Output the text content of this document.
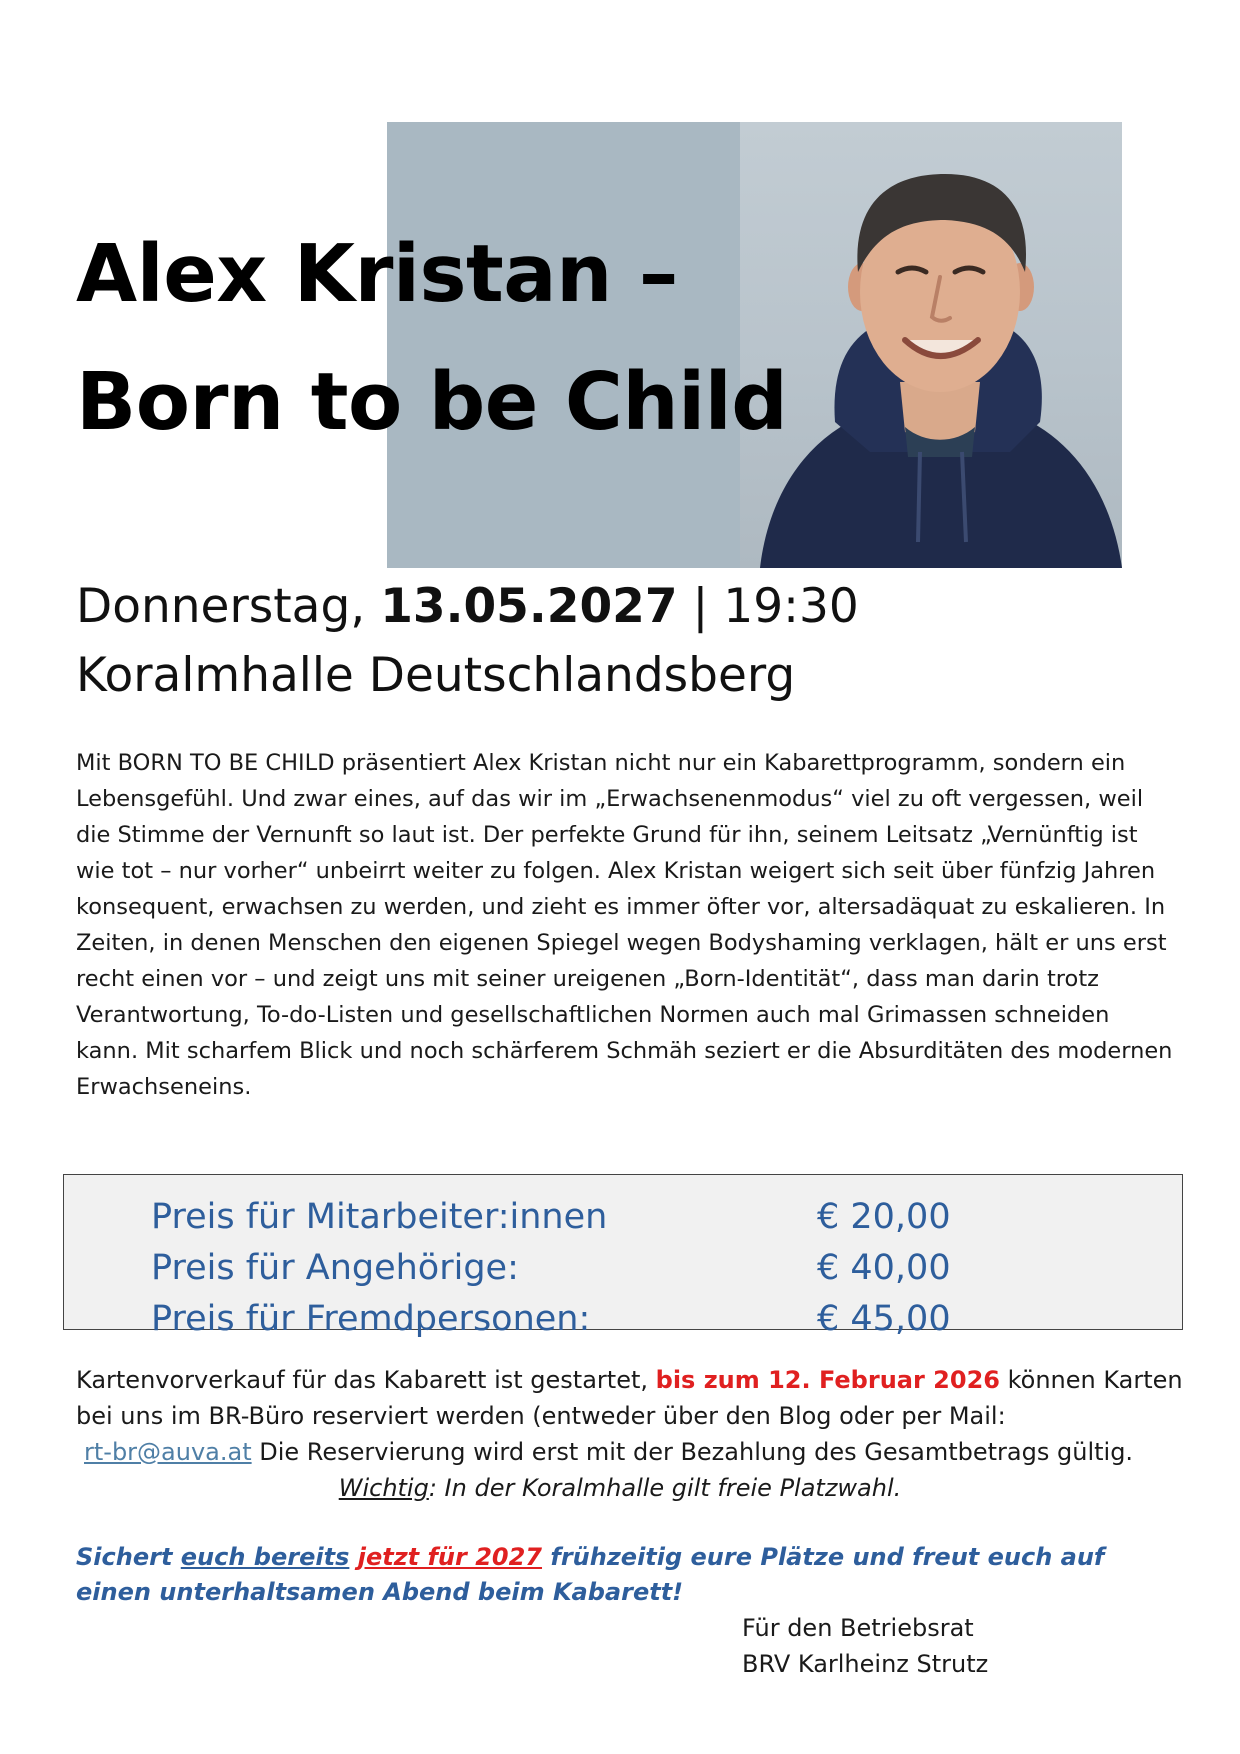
Alex Kristan –
Born to be Child
Donnerstag, 13.05.2027 | 19:30
Koralmhalle Deutschlandsberg

Mit BORN TO BE CHILD präsentiert Alex Kristan nicht nur ein Kabarettprogramm, sondern ein Lebensgefühl. Und zwar eines, auf das wir im „Erwachsenenmodus“ viel zu oft vergessen, weil die Stimme der Vernunft so laut ist. Der perfekte Grund für ihn, seinem Leitsatz „Vernünftig ist wie tot – nur vorher“ unbeirrt weiter zu folgen. Alex Kristan weigert sich seit über fünfzig Jahren konsequent, erwachsen zu werden, und zieht es immer öfter vor, altersadäquat zu eskalieren. In Zeiten, in denen Menschen den eigenen Spiegel wegen Bodyshaming verklagen, hält er uns erst recht einen vor – und zeigt uns mit seiner ureigenen „Born-Identität“, dass man darin trotz Verantwortung, To-do-Listen und gesellschaftlichen Normen auch mal Grimassen schneiden kann. Mit scharfem Blick und noch schärferem Schmäh seziert er die Absurditäten des modernen Erwachseneins.

Preis für Mitarbeiter:innen	€ 20,00
Preis für Angehörige:	€ 40,00
Preis für Fremdpersonen:	€ 45,00

Kartenvorverkauf für das Kabarett ist gestartet, bis zum 12. Februar 2026 können Karten bei uns im BR-Büro reserviert werden (entweder über den Blog oder per Mail:
rt-br@auva.at Die Reservierung wird erst mit der Bezahlung des Gesamtbetrags gültig.

Wichtig: In der Koralmhalle gilt freie Platzwahl.

Sichert euch bereits jetzt für 2027 frühzeitig eure Plätze und freut euch auf einen unterhaltsamen Abend beim Kabarett!

Für den Betriebsrat
BRV Karlheinz Strutz
